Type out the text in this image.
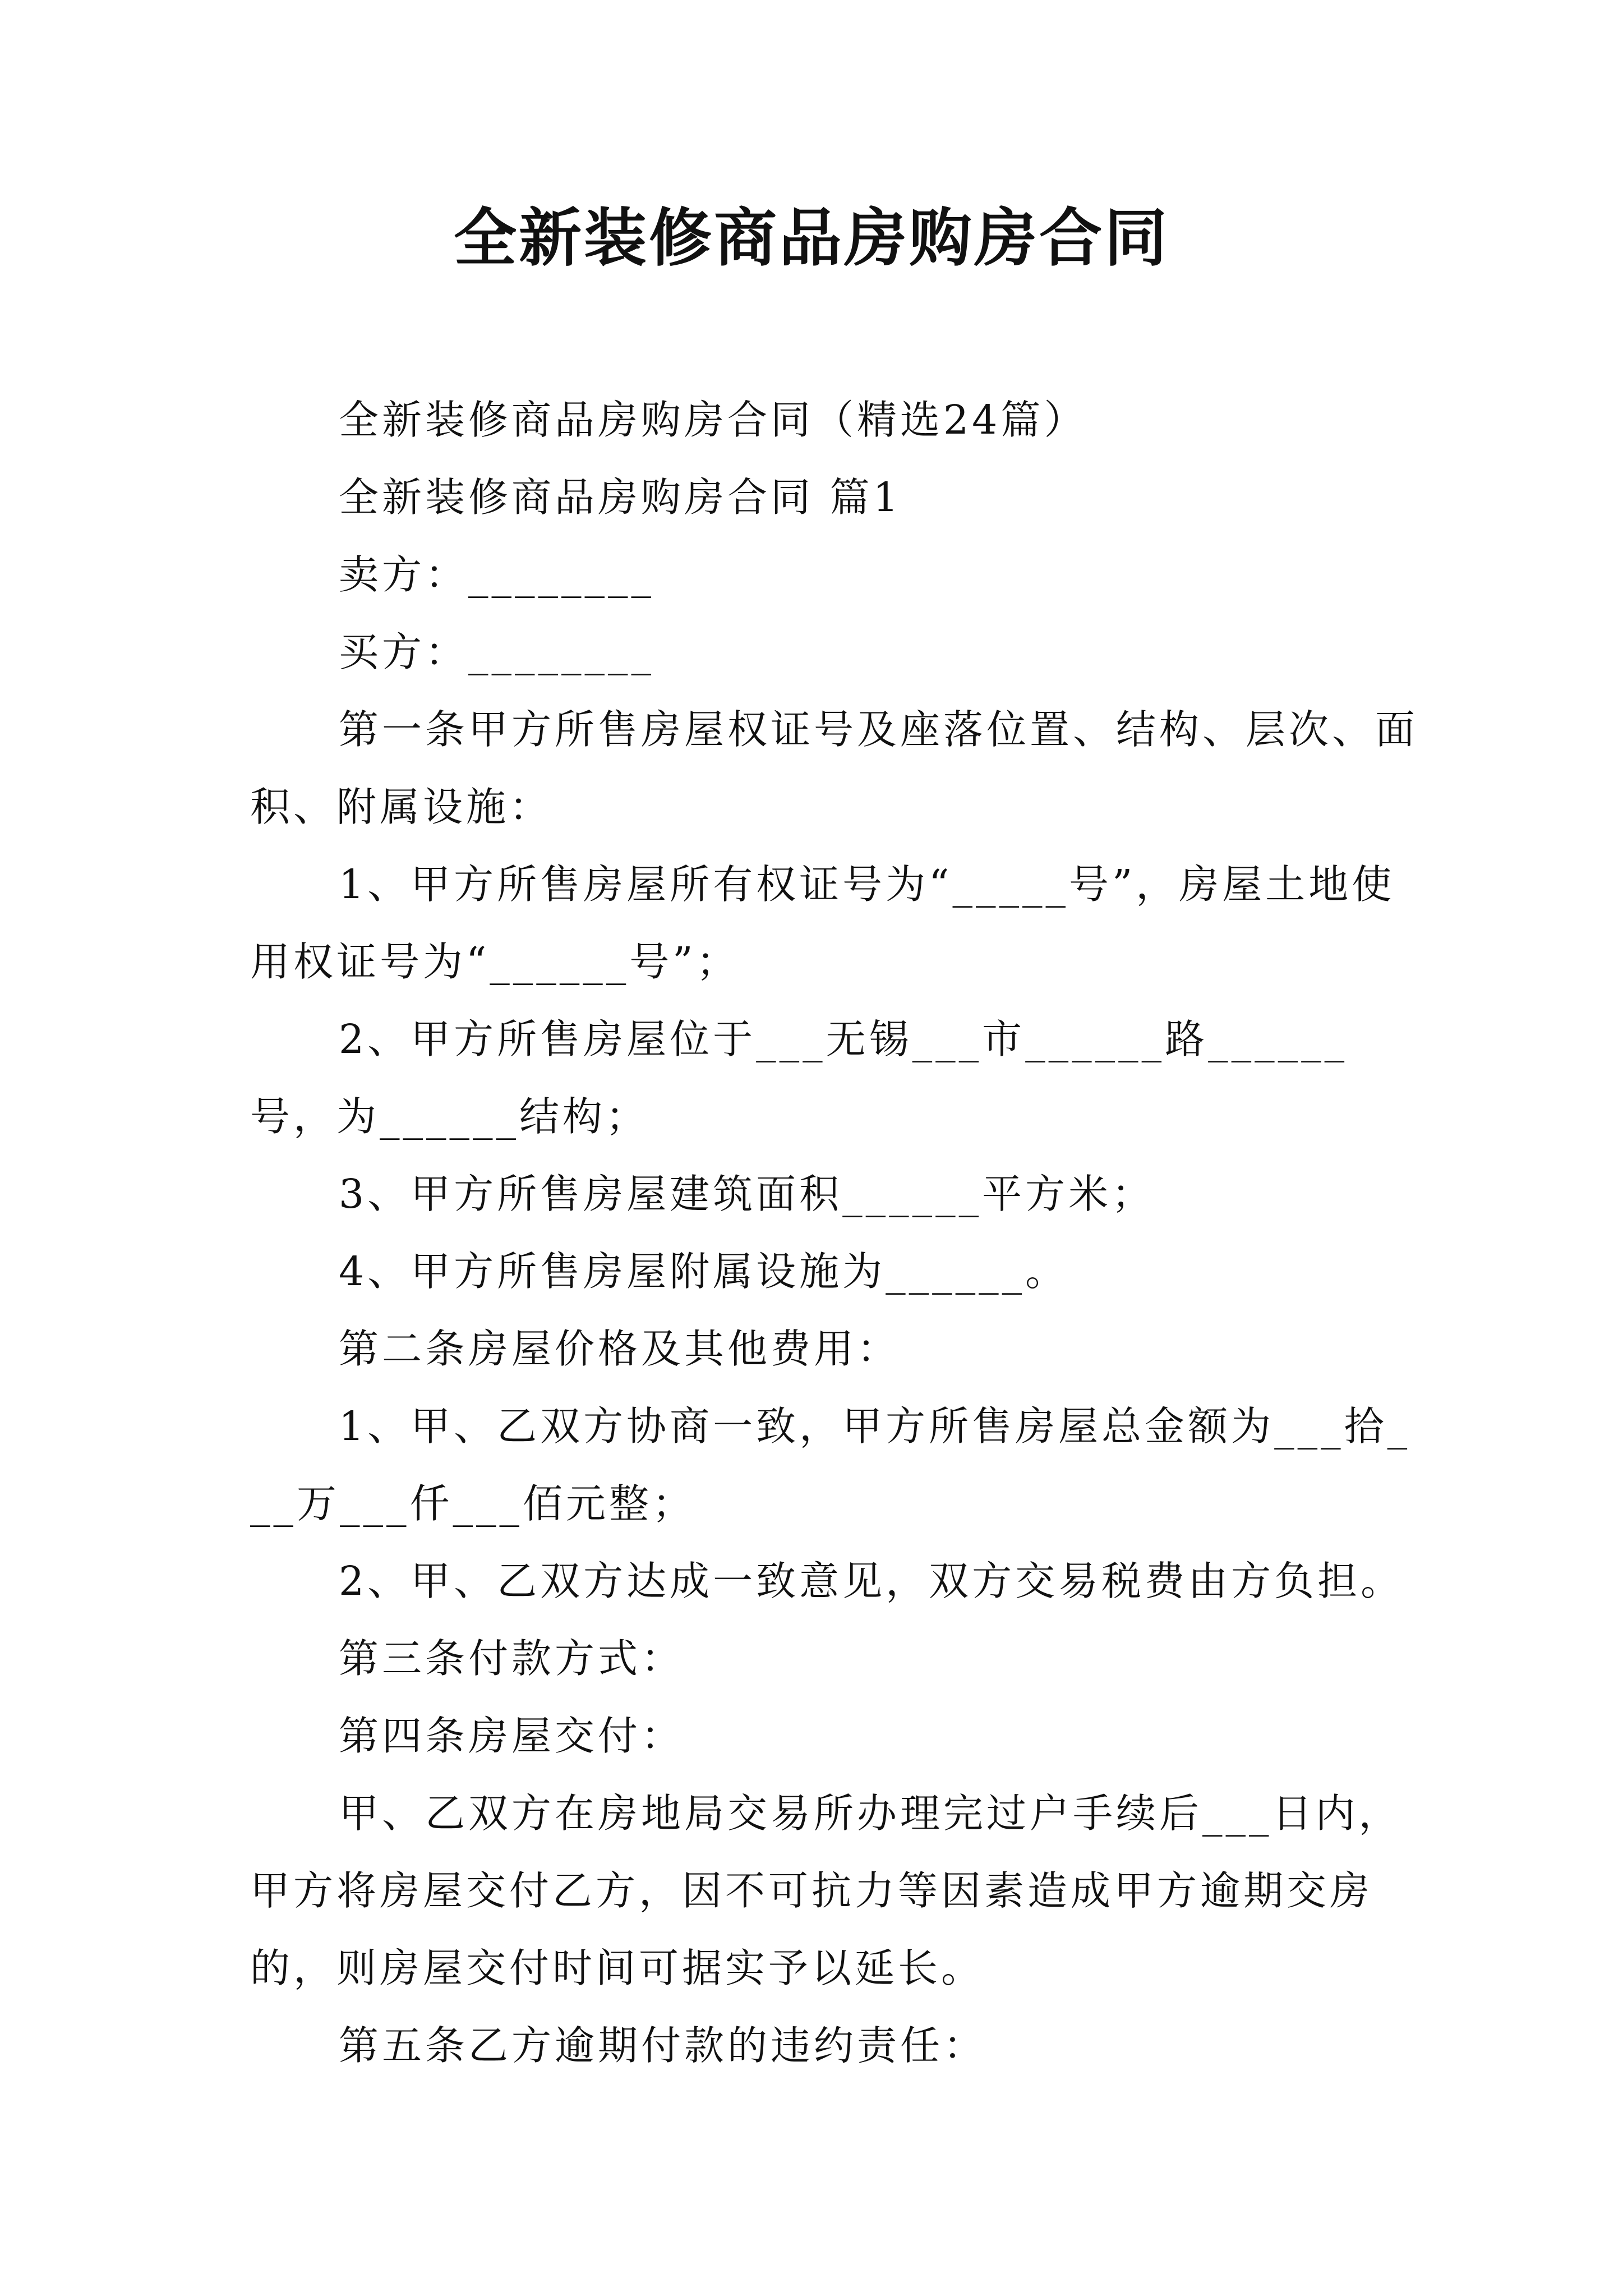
全新装修商品房购房合同

全新装修商品房购房合同（精选24篇）

全新装修商品房购房合同 篇1

卖方：________

买方：________

第一条甲方所售房屋权证号及座落位置、结构、层次、面积、附属设施：

1、甲方所售房屋所有权证号为“_____号”，房屋土地使用权证号为“______号”；

2、甲方所售房屋位于___无锡___市______路______号，为______结构；

3、甲方所售房屋建筑面积______平方米；

4、甲方所售房屋附属设施为______。

第二条房屋价格及其他费用：

1、甲、乙双方协商一致，甲方所售房屋总金额为___拾___万___仟___佰元整；

2、甲、乙双方达成一致意见，双方交易税费由方负担。

第三条付款方式：

第四条房屋交付：

甲、乙双方在房地局交易所办理完过户手续后___日内，甲方将房屋交付乙方，因不可抗力等因素造成甲方逾期交房的，则房屋交付时间可据实予以延长。

第五条乙方逾期付款的违约责任：
